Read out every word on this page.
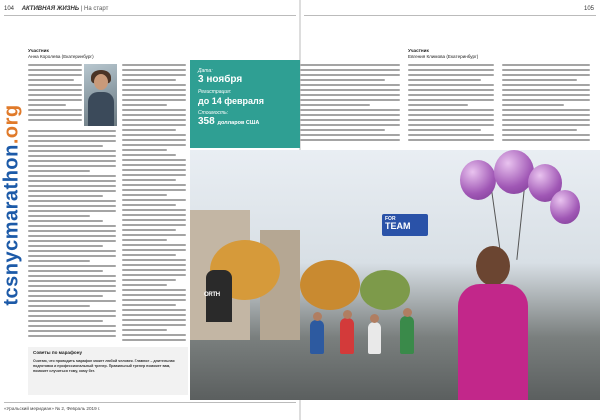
104 АКТИВНАЯ ЖИЗНЬ | На старт	105
tcsnycmarathon.org
Участник
Анна Королева (Екатеринбург)
Участник
Евгения Климова (Екатеринбург)
Дата:
3 ноября
Регистрация:
до 14 февраля
Стоимость:
358 долларов США
FOR
TEAM
ORTH
Советы по марафону
Считаю, что проводить марафон может любой человек. Главное – длительная подготовка и профессиональный тренер. Правильный тренер поможет вам, поможет случиться тому, кому бег.
«Уральский меридиан» № 2, Февраль 2019 г.
